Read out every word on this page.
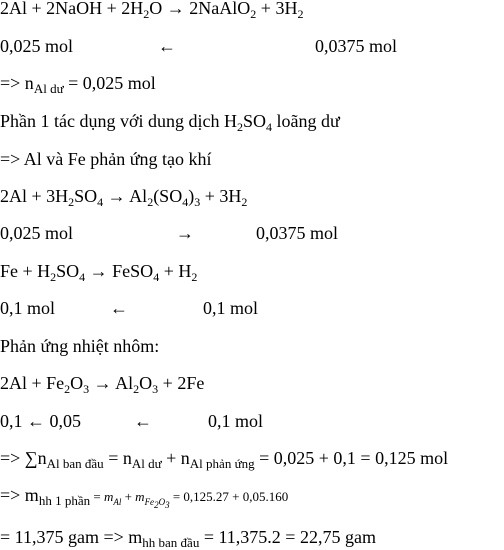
2Al + 2NaOH + $2H_2O$ → 2NaAlO$_2$ + $3H_2$
0,025 mol	←	0,0375 mol
=> $n_{Al dư} = 0,025$ mol
Phần 1 tác dụng với dung dịch $H_2SO_4$ loãng dư
=> Al và Fe phản ứng tạo khí
$2Al + 3H_2SO_4 \to Al_2(SO_4)_3 + 3H_2$
0,025 mol	→	0,0375 mol
$Fe + H_2SO_4$ → FeSO$_4$ + $H_2$
0,1 mol	←	0,1 mol
Phản ứng nhiệt nhôm:
$2Al + Fe_2O_3 \to Al_2O_3 + 2Fe$
0,1 ← 0,05	←	0,1 mol
=> $\sum n_{Al ban đầu} = n_{Al dư} + n_{Al phản ứng} = 0,025 + 0,1 = 0,125$ mol
=> $m_{hh 1 phần} = m_{Al} + m_{Fe2O3} = 0,125.27 + 0,05.160$
= 11,375 gam => $m_{hh ban đầu} = 11,375.2 = 22,75$ gam
